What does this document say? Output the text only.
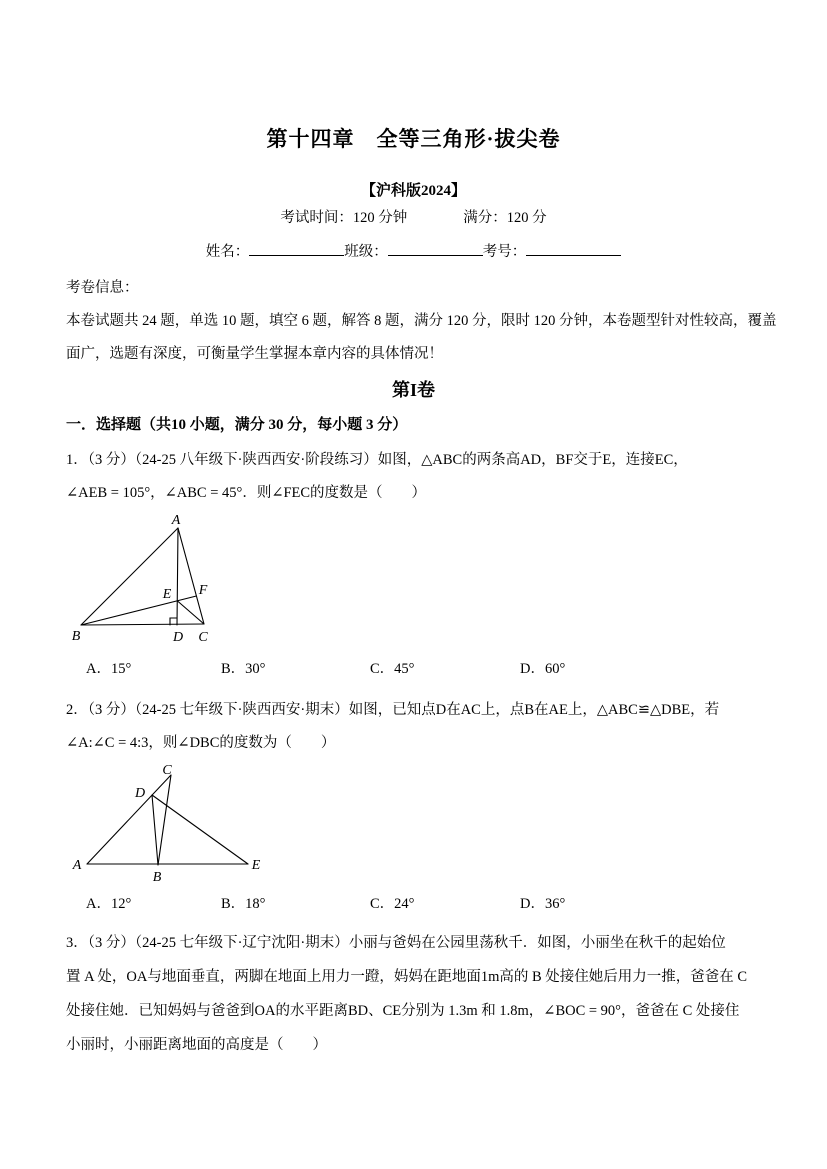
第十四章　全等三角形·拔尖卷
【沪科版2024】
考试时间：120 分钟	满分：120 分
姓名：	班级：	考号：

考卷信息：

本卷试题共 24 题，单选 10 题，填空 6 题，解答 8 题，满分 120 分，限时 120 分钟，本卷题型针对性较高，覆盖
面广，选题有深度，可衡量学生掌握本章内容的具体情况！
第I卷
一．选择题（共10 小题，满分 30 分，每小题 3 分）
1．（3 分）（24-25 八年级下·陕西西安·阶段练习）如图，△ABC的两条高AD，BF交于E，连接EC，
∠AEB = 105°，∠ABC = 45°．则∠FEC的度数是（　　）
A
B	C
D
E F
A．15°	B．30°	C．45°	D．60°
2．（3 分）（24-25 七年级下·陕西西安·期末）如图，已知点D在AC上，点B在AE上，△ABC≌△DBE，若
∠A:∠C = 4:3，则∠DBC的度数为（　　）
C
D
A
B
E
A．12°	B．18°	C．24°	D．36°
3．（3 分）（24-25 七年级下·辽宁沈阳·期末）小丽与爸妈在公园里荡秋千．如图，小丽坐在秋千的起始位
置 A 处，OA与地面垂直，两脚在地面上用力一蹬，妈妈在距地面1m高的 B 处接住她后用力一推，爸爸在 C
处接住她．已知妈妈与爸爸到OA的水平距离BD、CE分别为 1.3m 和 1.8m，∠BOC = 90°，爸爸在 C 处接住
小丽时，小丽距离地面的高度是（　　）
